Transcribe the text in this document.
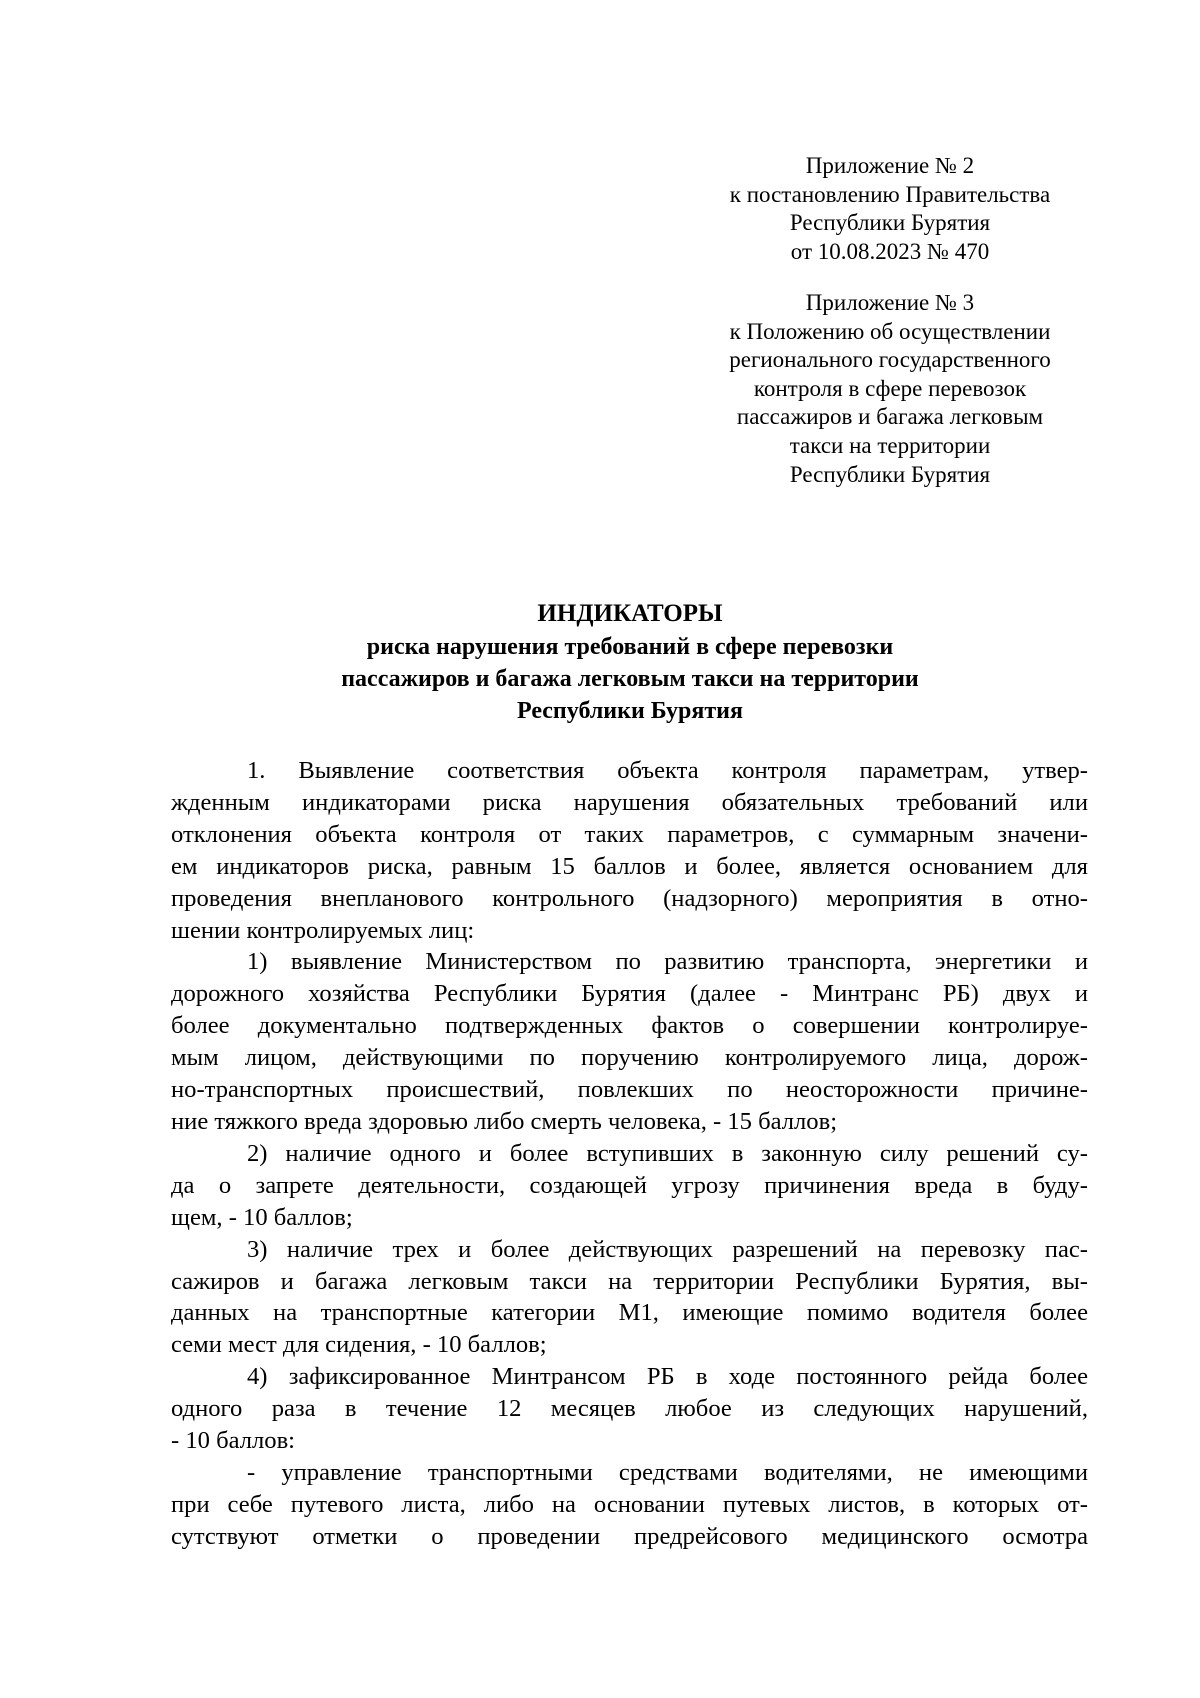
Приложение № 2
к постановлению Правительства
Республики Бурятия
от 10.08.2023 № 470
Приложение № 3
к Положению об осуществлении
регионального государственного
контроля в сфере перевозок
пассажиров и багажа легковым
такси на территории
Республики Бурятия
ИНДИКАТОРЫ
риска нарушения требований в сфере перевозки
пассажиров и багажа легковым такси на территории
Республики Бурятия
1. Выявление соответствия объекта контроля параметрам, утвер-
жденным индикаторами риска нарушения обязательных требований или
отклонения объекта контроля от таких параметров, с суммарным значени-
ем индикаторов риска, равным 15 баллов и более, является основанием для
проведения внепланового контрольного (надзорного) мероприятия в отно-
шении контролируемых лиц:
1) выявление Министерством по развитию транспорта, энергетики и
дорожного хозяйства Республики Бурятия (далее - Минтранс РБ) двух и
более документально подтвержденных фактов о совершении контролируе-
мым лицом, действующими по поручению контролируемого лица, дорож-
но-транспортных происшествий, повлекших по неосторожности причине-
ние тяжкого вреда здоровью либо смерть человека, - 15 баллов;
2) наличие одного и более вступивших в законную силу решений су-
да о запрете деятельности, создающей угрозу причинения вреда в буду-
щем, - 10 баллов;
3) наличие трех и более действующих разрешений на перевозку пас-
сажиров и багажа легковым такси на территории Республики Бурятия, вы-
данных на транспортные категории M1, имеющие помимо водителя более
семи мест для сидения, - 10 баллов;
4) зафиксированное Минтрансом РБ в ходе постоянного рейда более
одного раза в течение 12 месяцев любое из следующих нарушений,
- 10 баллов:
- управление транспортными средствами водителями, не имеющими
при себе путевого листа, либо на основании путевых листов, в которых от-
сутствуют отметки о проведении предрейсового медицинского осмотра
